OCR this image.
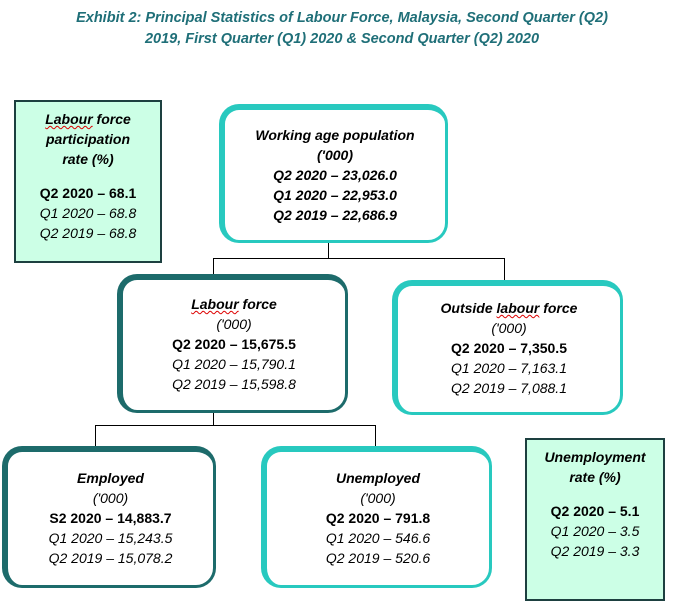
Exhibit 2: Principal Statistics of Labour Force, Malaysia, Second Quarter (Q2)
2019, First Quarter (Q1) 2020 & Second Quarter (Q2) 2020
Labour force
participation
rate (%)
Q2 2020 – 68.1
Q1 2020 – 68.8
Q2 2019 – 68.8
Working age population
('000)
Q2 2020 – 23,026.0
Q1 2020 – 22,953.0
Q2 2019 – 22,686.9
Labour force
('000)
Q2 2020 – 15,675.5
Q1 2020 – 15,790.1
Q2 2019 – 15,598.8
Outside labour force
('000)
Q2 2020 – 7,350.5
Q1 2020 – 7,163.1
Q2 2019 – 7,088.1
Employed
('000)
S2 2020 – 14,883.7
Q1 2020 – 15,243.5
Q2 2019 – 15,078.2
Unemployed
('000)
Q2 2020 – 791.8
Q1 2020 – 546.6
Q2 2019 – 520.6
Unemployment
rate (%)
Q2 2020 – 5.1
Q1 2020 – 3.5
Q2 2019 – 3.3
